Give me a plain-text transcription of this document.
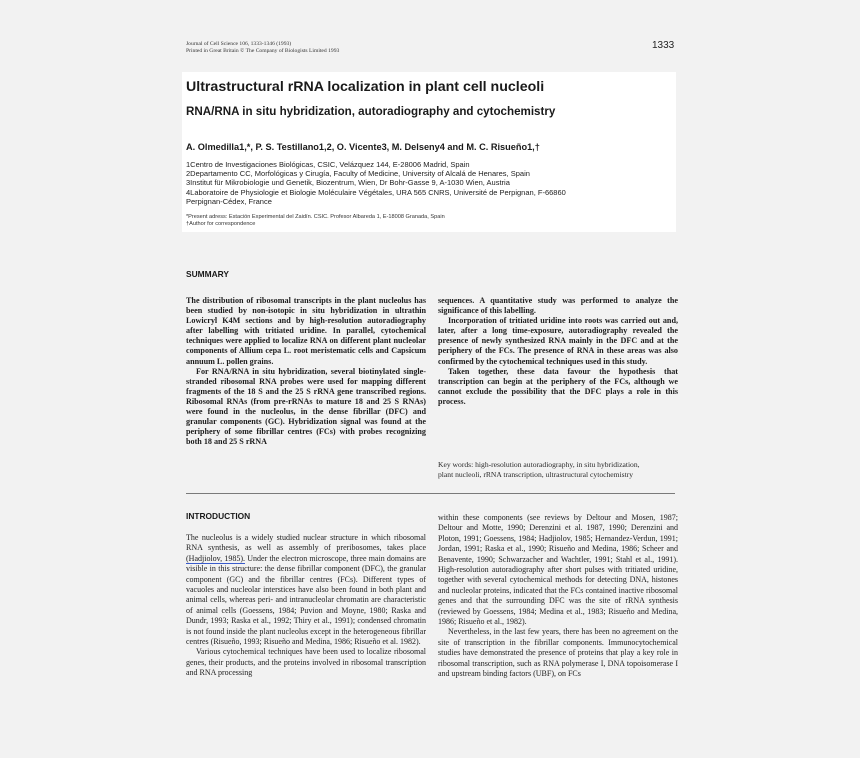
Journal of Cell Science 106, 1333-1346 (1993)
Printed in Great Britain © The Company of Biologists Limited 1993	1333
Ultrastructural rRNA localization in plant cell nucleoli
RNA/RNA in situ hybridization, autoradiography and cytochemistry
A. Olmedilla1,*, P. S. Testillano1,2, O. Vicente3, M. Delseny4 and M. C. Risueño1,†
1Centro de Investigaciones Biológicas, CSIC, Velázquez 144, E-28006 Madrid, Spain
2Departamento CC, Morfológicas y Cirugía, Faculty of Medicine, University of Alcalá de Henares, Spain
3Institut für Mikrobiologie und Genetik, Biozentrum, Wien, Dr Bohr-Gasse 9, A-1030 Wien, Austria
4Laboratoire de Physiologie et Biologie Moléculaire Végétales, URA 565 CNRS, Université de Perpignan, F-66860
Perpignan-Cédex, France
*Present adress: Estación Experimental del Zaidín. CSIC. Profesor Albareda 1, E-18008 Granada, Spain
†Author for correspondence
SUMMARY

The distribution of ribosomal transcripts in the plant nucleolus has been studied by non-isotopic in situ hybridization in ultrathin Lowicryl K4M sections and by high-resolution autoradiography after labelling with tritiated uridine. In parallel, cytochemical techniques were applied to localize RNA on different plant nucleolar components of Allium cepa L. root meristematic cells and Capsicum annuum L. pollen grains.

For RNA/RNA in situ hybridization, several biotinylated single-stranded ribosomal RNA probes were used for mapping different fragments of the 18 S and the 25 S rRNA gene transcribed regions. Ribosomal RNAs (from pre-rRNAs to mature 18 and 25 S RNAs) were found in the nucleolus, in the dense fibrillar (DFC) and granular components (GC). Hybridization signal was found at the periphery of some fibrillar centres (FCs) with probes recognizing both 18 and 25 S rRNA

sequences. A quantitative study was performed to analyze the significance of this labelling.

Incorporation of tritiated uridine into roots was carried out and, later, after a long time-exposure, autoradiography revealed the presence of newly synthesized RNA mainly in the DFC and at the periphery of the FCs. The presence of RNA in these areas was also confirmed by the cytochemical techniques used in this study.

Taken together, these data favour the hypothesis that transcription can begin at the periphery of the FCs, although we cannot exclude the possibility that the DFC plays a role in this process.

Key words: high-resolution autoradiography, in situ hybridization,
plant nucleoli, rRNA transcription, ultrastructural cytochemistry
INTRODUCTION

The nucleolus is a widely studied nuclear structure in which ribosomal RNA synthesis, as well as assembly of preribosomes, takes place (Hadjiolov, 1985). Under the electron microscope, three main domains are visible in this structure: the dense fibrillar component (DFC), the granular component (GC) and the fibrillar centres (FCs). Different types of vacuoles and nucleolar interstices have also been found in both plant and animal cells, whereas peri- and intranucleolar chromatin are characteristic of animal cells (Goessens, 1984; Puvion and Moyne, 1980; Raska and Dundr, 1993; Raska et al., 1992; Thiry et al., 1991); condensed chromatin is not found inside the plant nucleolus except in the heterogeneous fibrillar centres (Risueño, 1993; Risueño and Medina, 1986; Risueño et al. 1982).

Various cytochemical techniques have been used to localize ribosomal genes, their products, and the proteins involved in ribosomal transcription and RNA processing

within these components (see reviews by Deltour and Mosen, 1987; Deltour and Motte, 1990; Derenzini et al. 1987, 1990; Derenzini and Ploton, 1991; Goessens, 1984; Hadjiolov, 1985; Hernandez-Verdun, 1991; Jordan, 1991; Raska et al., 1990; Risueño and Medina, 1986; Scheer and Benavente, 1990; Schwarzacher and Wachtler, 1991; Stahl et al., 1991). High-resolution autoradiography after short pulses with tritiated uridine, together with several cytochemical methods for detecting DNA, histones and nucleolar proteins, indicated that the FCs contained inactive ribosomal genes and that the surrounding DFC was the site of rRNA synthesis (reviewed by Goessens, 1984; Medina et al., 1983; Risueño and Medina, 1986; Risueño et al., 1982).

Nevertheless, in the last few years, there has been no agreement on the site of transcription in the fibrillar components. Immunocytochemical studies have demonstrated the presence of proteins that play a key role in ribosomal transcription, such as RNA polymerase I, DNA topoisomerase I and upstream binding factors (UBF), on FCs
